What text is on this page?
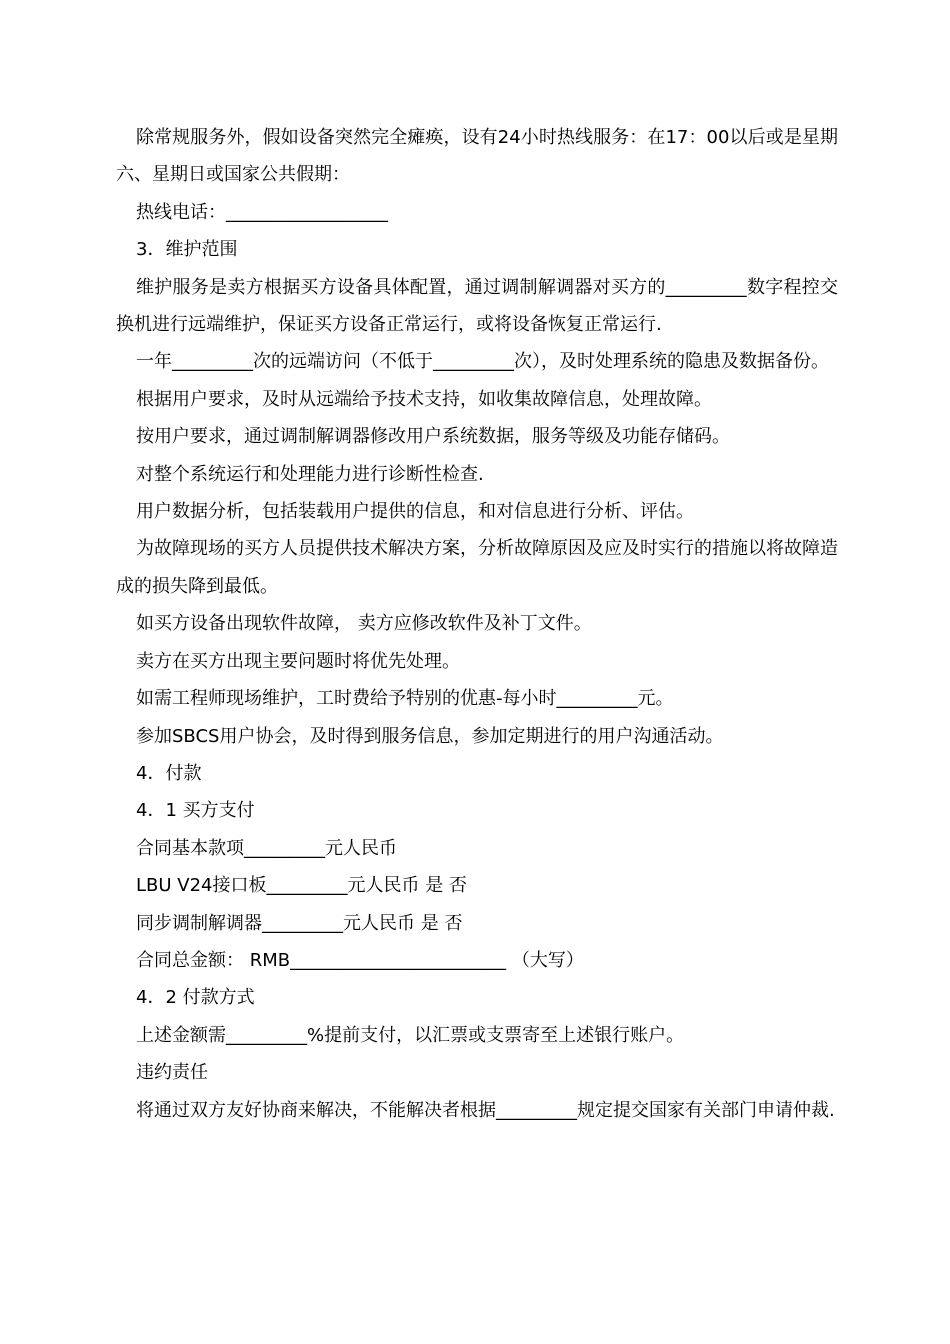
除常规服务外，假如设备突然完全瘫痪，设有24小时热线服务：在17：00以后或是星期六、星期日或国家公共假期：

热线电话：__________________

3．维护范围

维护服务是卖方根据买方设备具体配置，通过调制解调器对买方的_________数字程控交换机进行远端维护，保证买方设备正常运行，或将设备恢复正常运行.

一年_________次的远端访问（不低于_________次），及时处理系统的隐患及数据备份。

根据用户要求，及时从远端给予技术支持，如收集故障信息，处理故障。

按用户要求，通过调制解调器修改用户系统数据，服务等级及功能存储码。

对整个系统运行和处理能力进行诊断性检查.

用户数据分析，包括装载用户提供的信息，和对信息进行分析、评估。

为故障现场的买方人员提供技术解决方案，分析故障原因及应及时实行的措施以将故障造成的损失降到最低。

如买方设备出现软件故障， 卖方应修改软件及补丁文件。

卖方在买方出现主要问题时将优先处理。

如需工程师现场维护，工时费给予特别的优惠-每小时_________元。

参加SBCS用户协会，及时得到服务信息，参加定期进行的用户沟通活动。

4．付款

4．1 买方支付

合同基本款项_________元人民币

LBU V24接口板_________元人民币 是 否

同步调制解调器_________元人民币 是 否

合同总金额： RMB________________________ （大写）

4．2 付款方式

上述金额需_________%提前支付，以汇票或支票寄至上述银行账户。

违约责任

将通过双方友好协商来解决，不能解决者根据_________规定提交国家有关部门申请仲裁.
